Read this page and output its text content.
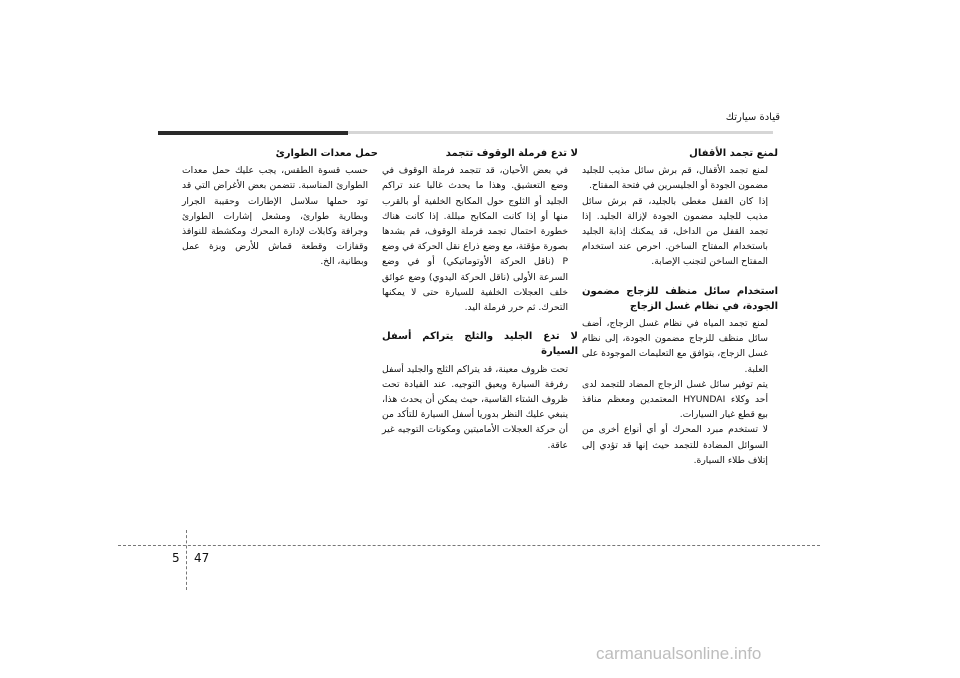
قيادة سيارتك
لمنع تجمد الأقفال

لمنع تجمد الأقفال، قم برش سائل مذيب للجليد مضمون الجودة أو الجليسرين في فتحة المفتاح.

إذا كان القفل مغطى بالجليد، قم برش سائل مذيب للجليد مضمون الجودة لإزالة الجليد. إذا تجمد القفل من الداخل، قد يمكنك إذابة الجليد باستخدام المفتاح الساخن. احرص عند استخدام المفتاح الساخن لتجنب الإصابة.

استخدام سائل منظف للزجاج مضمون الجودة، في نظام غسل الزجاج

لمنع تجمد المياه في نظام غسل الزجاج، أضف سائل منظف للزجاج مضمون الجودة، إلى نظام غسل الزجاج، بتوافق مع التعليمات الموجودة على العلبة.

يتم توفير سائل غسل الزجاج المضاد للتجمد لدى أحد وكلاء HYUNDAI المعتمدين ومعظم منافذ بيع قطع غيار السيارات.

لا تستخدم مبرد المحرك أو أي أنواع أخرى من السوائل المضادة للتجمد حيث إنها قد تؤدي إلى إتلاف طلاء السيارة.

لا تدع فرملة الوقوف تتجمد

في بعض الأحيان، قد تتجمد فرملة الوقوف في وضع التعشيق. وهذا ما يحدث غالبا عند تراكم الجليد أو الثلوج حول المكابح الخلفية أو بالقرب منها أو إذا كانت المكابح مبللة. إذا كانت هناك خطورة احتمال تجمد فرملة الوقوف، قم بشدها بصورة مؤقتة، مع وضع ذراع نقل الحركة في وضع P (ناقل الحركة الأوتوماتيكي) أو في وضع السرعة الأولى (ناقل الحركة اليدوي) وضع عوائق خلف العجلات الخلفية للسيارة حتى لا يمكنها التحرك. ثم حرر فرملة اليد.

لا تدع الجليد والثلج يتراكم أسفل السيارة

تحت ظروف معينة، قد يتراكم الثلج والجليد أسفل رفرفة السيارة ويعيق التوجيه. عند القيادة تحت ظروف الشتاء القاسية، حيث يمكن أن يحدث هذا، ينبغي عليك النظر بدوريا أسفل السيارة للتأكد من أن حركة العجلات الأماميتين ومكونات التوجيه غير عاقة.

حمل معدات الطوارئ

حسب قسوة الطقس، يجب عليك حمل معدات الطوارئ المناسبة. تتضمن بعض الأغراض التي قد تود حملها سلاسل الإطارات وحقيبة الجرار وبطارية طوارئ، ومشعل إشارات الطوارئ وجرافة وكابلات لإدارة المحرك ومكشطة للنوافذ وقفازات وقطعة قماش للأرض وبزة عمل وبطانية، الخ.

5 47
carmanualsonline.info
